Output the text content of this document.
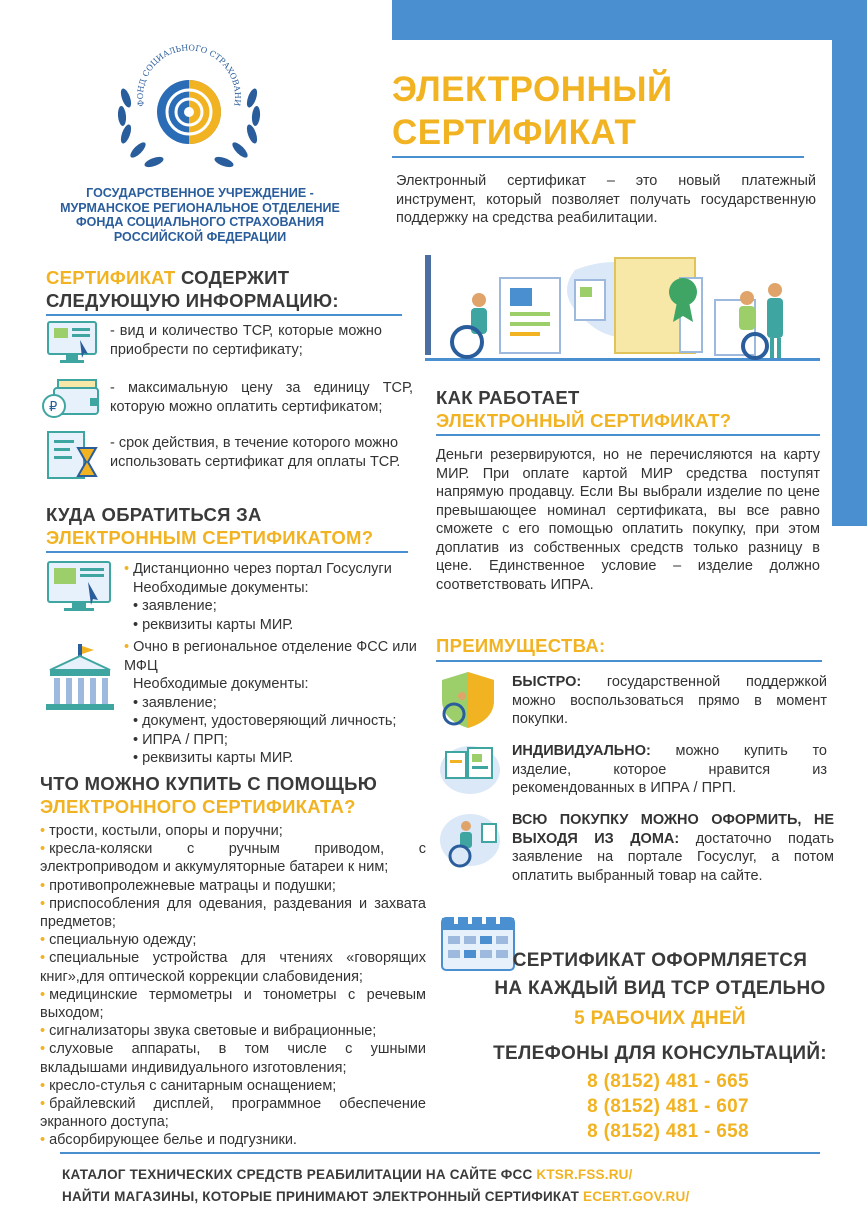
ФОНД СОЦИАЛЬНОГО СТРАХОВАНИ
ГОСУДАРСТВЕННОЕ УЧРЕЖДЕНИЕ -
МУРМАНСКОЕ РЕГИОНАЛЬНОЕ ОТДЕЛЕНИЕ
ФОНДА СОЦИАЛЬНОГО СТРАХОВАНИЯ
РОССИЙСКОЙ ФЕДЕРАЦИИ
ЭЛЕКТРОННЫЙ
СЕРТИФИКАТ
Электронный сертификат – это новый платежный инструмент, который позволяет получать государственную поддержку на средства реабилитации.
СЕРТИФИКАТ СОДЕРЖИТ
СЛЕДУЮЩУЮ ИНФОРМАЦИЮ:
- вид и количество ТСР, которые можно приобрести по сертификату;
₽
- максимальную цену за единицу ТСР, которую можно оплатить сертификатом;
- срок действия, в течение которого можно использовать сертификат для оплаты ТСР.
КУДА ОБРАТИТЬСЯ ЗА
ЭЛЕКТРОННЫМ СЕРТИФИКАТОМ?
• Дистанционно через портал Госуслуги
Необходимые документы:
• заявление;
• реквизиты карты МИР.
• Очно в региональное отделение ФСС или МФЦ
Необходимые документы:
• заявление;
• документ, удостоверяющий личность;
• ИПРА / ПРП;
• реквизиты карты МИР.
ЧТО МОЖНО КУПИТЬ С ПОМОЩЬЮ
ЭЛЕКТРОННОГО СЕРТИФИКАТА?
• трости, костыли, опоры и поручни;
• кресла-коляски с ручным приводом, с электроприводом и аккумуляторные батареи к ним;
• противопролежневые матрацы и подушки;
• приспособления для одевания, раздевания и захвата предметов;
• специальную одежду;
• специальные устройства для чтениях «говорящих книг»,для оптической коррекции слабовидения;
• медицинские термометры и тонометры с речевым выходом;
• сигнализаторы звука световые и вибрационные;
• слуховые аппараты, в том числе с ушными вкладышами индивидуального изготовления;
• кресло-стулья с санитарным оснащением;
• брайлевский дисплей, программное обеспечение экранного доступа;
• абсорбирующее белье и подгузники.
КАК РАБОТАЕТ
ЭЛЕКТРОННЫЙ СЕРТИФИКАТ?
Деньги резервируются, но не перечисляются на карту МИР. При оплате картой МИР средства поступят напрямую продавцу. Если Вы выбрали изделие по цене превышающее номинал сертификата, вы все равно сможете с его помощью оплатить покупку, при этом доплатив из собственных средств только разницу в цене. Единственное условие – изделие должно соответствовать ИПРА.
ПРЕИМУЩЕСТВА:
БЫСТРО: государственной поддержкой можно воспользоваться прямо в момент покупки.
ИНДИВИДУАЛЬНО: можно купить то изделие, которое нравится из рекомендованных в ИПРА / ПРП.
ВСЮ ПОКУПКУ МОЖНО ОФОРМИТЬ, НЕ ВЫХОДЯ ИЗ ДОМА: достаточно подать заявление на портале Госуслуг, а потом оплатить выбранный товар на сайте.
СЕРТИФИКАТ ОФОРМЛЯЕТСЯ
НА КАЖДЫЙ ВИД ТСР ОТДЕЛЬНО
5 РАБОЧИХ ДНЕЙ
ТЕЛЕФОНЫ ДЛЯ КОНСУЛЬТАЦИЙ:
8 (8152) 481 - 665
8 (8152) 481 - 607
8 (8152) 481 - 658
КАТАЛОГ ТЕХНИЧЕСКИХ СРЕДСТВ РЕАБИЛИТАЦИИ НА САЙТЕ ФСС KTSR.FSS.RU/
НАЙТИ МАГАЗИНЫ, КОТОРЫЕ ПРИНИМАЮТ ЭЛЕКТРОННЫЙ СЕРТИФИКАТ ECERT.GOV.RU/
